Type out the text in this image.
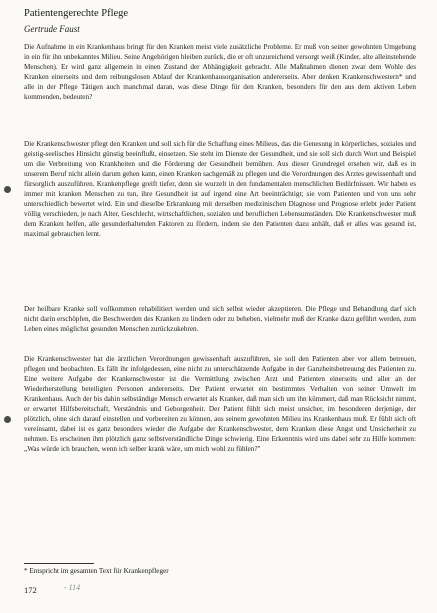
Patientengerechte Pflege
Gertrude Faust

Die Aufnahme in ein Krankenhaus bringt für den Kranken meist viele zusätzliche Probleme. Er muß von seiner gewohnten Umgebung in ein für ihn unbekanntes Milieu. Seine Angehörigen bleiben zurück, die er oft unzureichend versorgt weiß (Kinder, alte alleinstehende Menschen). Er wird ganz allgemein in einen Zustand der Abhängigkeit gebracht. Alle Maßnahmen dienen zwar dem Wohle des Kranken einerseits und dem reibungslosen Ablauf der Krankenhausorganisation andererseits. Aber denken Krankenschwestern* und alle in der Pflege Tätigen auch manchmal daran, was diese Dinge für den Kranken, besonders für den aus dem aktiven Leben kommenden, bedeuten?

Die Krankenschwester pflegt den Kranken und soll sich für die Schaffung eines Milieus, das die Genesung in körperliches, soziales und geistig-seelisches Hinsicht günstig beeinflußt, einsetzen. Sie steht im Dienste der Gesundheit, und sie soll sich durch Wort und Beispiel um die Verbreitung von Krankheiten und die Förderung der Gesundheit bemühen. Aus dieser Grundregel ersehen wir, daß es in unserem Beruf nicht allein darum gehen kann, einen Kranken sachgemäß zu pflegen und die Verordnungen des Arztes gewissenhaft und fürsorglich auszuführen. Krankenpflege greift tiefer, denn sie wurzelt in den fundamentalen menschlichen Bedürfnissen. Wir haben es immer mit kranken Menschen zu tun, ihre Gesundheit ist auf irgend eine Art beeinträchtigt; sie vom Patienten und von uns sehr unterschiedlich bewertet wird. Ein und dieselbe Erkrankung mit derselben medizinischen Diagnose und Prognose erlebt jeder Patient völlig verschieden, je nach Alter, Geschlecht, wirtschaftlichen, sozialen und beruflichen Lebensumständen. Die Krankenschwester muß dem Kranken helfen, alle gesunderhaltenden Faktoren zu fördern, indem sie den Patienten dazu anhält, daß er alles was gesund ist, maximal gebrauchen lernt.

Der heilbare Kranke soll vollkommen rehabilitiert werden und sich selbst wieder akzeptieren. Die Pflege und Behandlung darf sich nicht darin erschöpfen, die Beschwerden des Kranken zu lindern oder zu beheben, vielmehr muß der Kranke dazu geführt werden, zum Leben eines möglichst gesunden Menschen zurückzukehren.

Die Krankenschwester hat die ärztlichen Verordnungen gewissenhaft auszuführen, sie soll den Patienten aber vor allem betreuen, pflegen und beobachten. Es fällt ihr infolgedessen, eine nicht zu unterschätzende Aufgabe in der Ganzheitsbetreuung des Patienten zu. Eine weitere Aufgabe der Krankenschwester ist die Vermittlung zwischen Arzt und Patienten einerseits und aller an der Wiederherstellung beteiligten Personen andererseits. Der Patient erwartet ein bestimmtes Verhalten von seiner Umwelt im Krankenhaus. Auch der bis dahin selbständige Mensch erwartet als Kranker, daß man sich um ihn kümmert, daß man Rücksicht nimmt, er erwartet Hilfsbereitschaft, Verständnis und Geborgenheit. Der Patient fühlt sich meist unsicher, im besonderen derjenige, der plötzlich, ohne sich darauf einstellen und vorbereiten zu können, aus seinem gewohnten Milieu ins Krankenhaus muß. Er fühlt sich oft vereinsamt, dabei ist es ganz besonders wieder die Aufgabe der Krankenschwester, dem Kranken diese Angst und Unsicherheit zu nehmen. Es erscheinen ihm plötzlich ganz selbstverständliche Dinge schwierig. Eine Erkenntnis wird uns dabei sehr zu Hilfe kommen: „Was würde ich brauchen, wenn ich selber krank wäre, um mich wohl zu fühlen?"

* Entspricht im gesamten Text für Krankenpfleger
172	- 114
